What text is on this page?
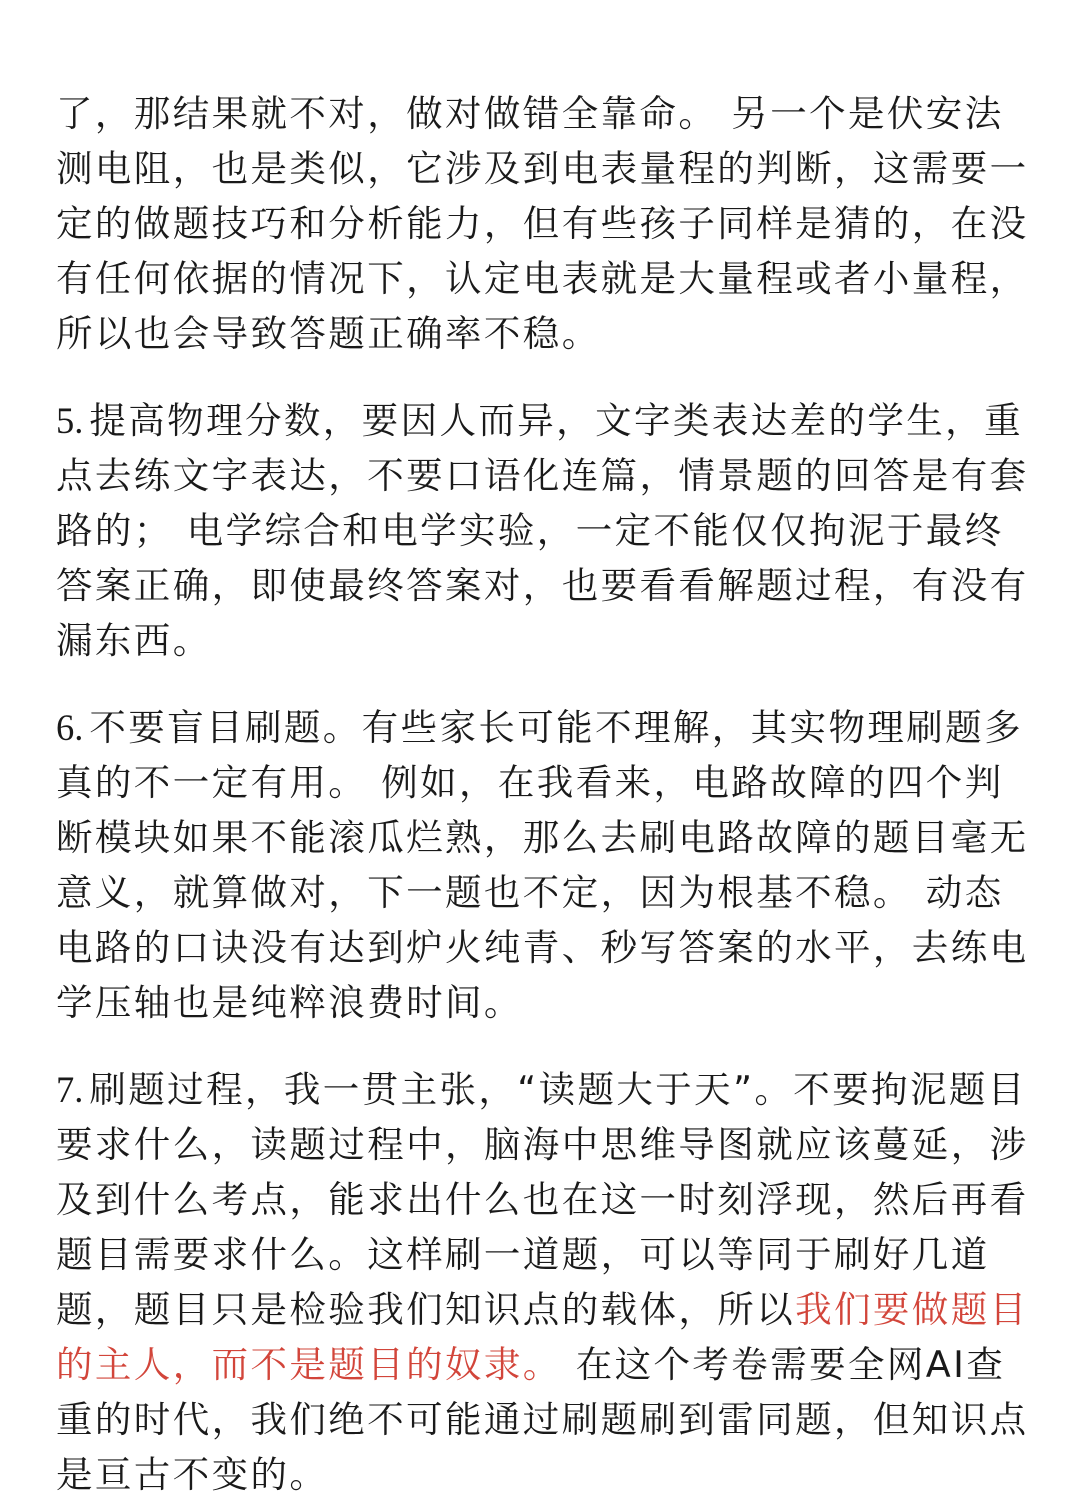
了，那结果就不对，做对做错全靠命。 另一个是伏安法测电阻，也是类似，它涉及到电表量程的判断，这需要一定的做题技巧和分析能力，但有些孩子同样是猜的，在没有任何依据的情况下，认定电表就是大量程或者小量程，所以也会导致答题正确率不稳。

5. 提高物理分数，要因人而异，文字类表达差的学生，重点去练文字表达，不要口语化连篇，情景题的回答是有套路的； 电学综合和电学实验，一定不能仅仅拘泥于最终答案正确，即使最终答案对，也要看看解题过程，有没有漏东西。

6. 不要盲目刷题。有些家长可能不理解，其实物理刷题多真的不一定有用。 例如，在我看来，电路故障的四个判断模块如果不能滚瓜烂熟，那么去刷电路故障的题目毫无意义，就算做对，下一题也不定，因为根基不稳。 动态电路的口诀没有达到炉火纯青、秒写答案的水平，去练电学压轴也是纯粹浪费时间。

7. 刷题过程，我一贯主张，“读题大于天”。不要拘泥题目要求什么，读题过程中，脑海中思维导图就应该蔓延，涉及到什么考点，能求出什么也在这一时刻浮现，然后再看题目需要求什么。这样刷一道题，可以等同于刷好几道题，题目只是检验我们知识点的载体，所以我们要做题目的主人，而不是题目的奴隶。 在这个考卷需要全网AI查重的时代，我们绝不可能通过刷题刷到雷同题，但知识点是亘古不变的。
